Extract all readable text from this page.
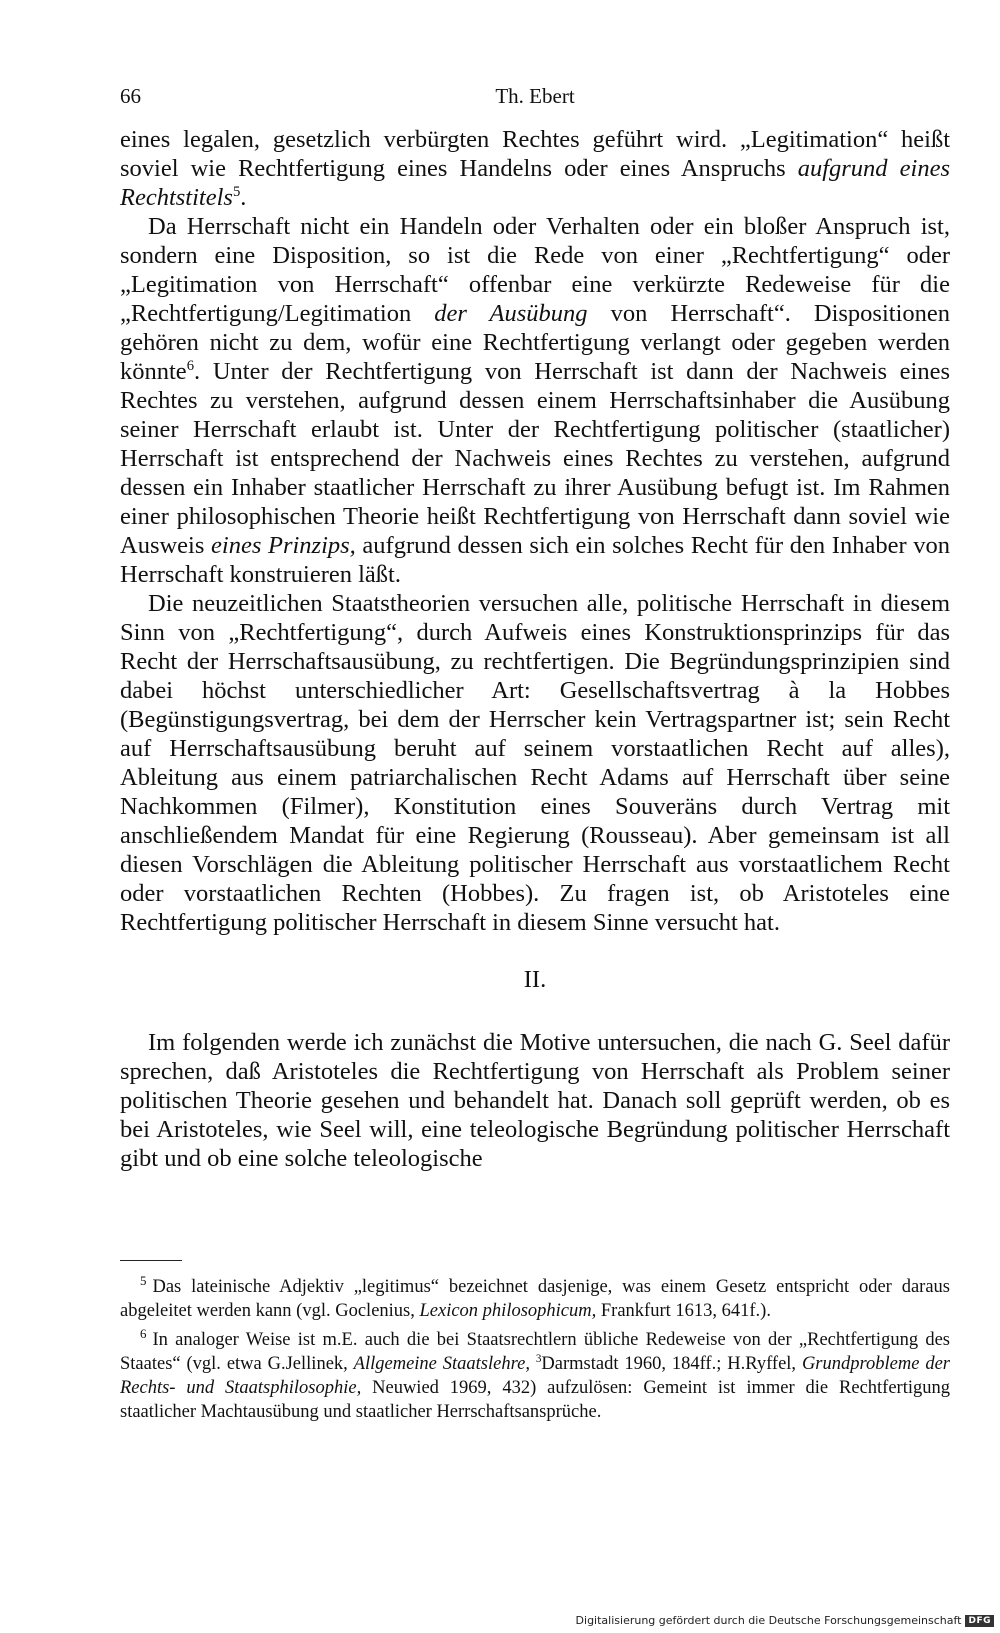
66	Th. Ebert

eines legalen, gesetzlich verbürgten Rechtes geführt wird. „Legitimation“ heißt soviel wie Rechtfertigung eines Handelns oder eines Anspruchs aufgrund eines Rechtstitels$^5$.

Da Herrschaft nicht ein Handeln oder Verhalten oder ein bloßer Anspruch ist, sondern eine Disposition, so ist die Rede von einer „Rechtfertigung“ oder „Legitimation von Herrschaft“ offenbar eine verkürzte Redeweise für die „Rechtfertigung/Legitimation der Ausübung von Herrschaft“. Dispositionen gehören nicht zu dem, wofür eine Rechtfertigung verlangt oder gegeben werden könnte$^6$. Unter der Rechtfertigung von Herrschaft ist dann der Nachweis eines Rechtes zu verstehen, aufgrund dessen einem Herrschaftsinhaber die Ausübung seiner Herrschaft erlaubt ist. Unter der Rechtfertigung politischer (staatlicher) Herrschaft ist entsprechend der Nachweis eines Rechtes zu verstehen, aufgrund dessen ein Inhaber staatlicher Herrschaft zu ihrer Ausübung befugt ist. Im Rahmen einer philosophischen Theorie heißt Rechtfertigung von Herrschaft dann soviel wie Ausweis eines Prinzips, aufgrund dessen sich ein solches Recht für den Inhaber von Herrschaft konstruieren läßt.

Die neuzeitlichen Staatstheorien versuchen alle, politische Herrschaft in diesem Sinn von „Rechtfertigung“, durch Aufweis eines Konstruktionsprinzips für das Recht der Herrschaftsausübung, zu rechtfertigen. Die Begründungsprinzipien sind dabei höchst unterschiedlicher Art: Gesellschaftsvertrag à la Hobbes (Begünstigungsvertrag, bei dem der Herrscher kein Vertragspartner ist; sein Recht auf Herrschaftsausübung beruht auf seinem vorstaatlichen Recht auf alles), Ableitung aus einem patriarchalischen Recht Adams auf Herrschaft über seine Nachkommen (Filmer), Konstitution eines Souveräns durch Vertrag mit anschließendem Mandat für eine Regierung (Rousseau). Aber gemeinsam ist all diesen Vorschlägen die Ableitung politischer Herrschaft aus vorstaatlichem Recht oder vorstaatlichen Rechten (Hobbes). Zu fragen ist, ob Aristoteles eine Rechtfertigung politischer Herrschaft in diesem Sinne versucht hat.

II.

Im folgenden werde ich zunächst die Motive untersuchen, die nach G. Seel dafür sprechen, daß Aristoteles die Rechtfertigung von Herrschaft als Problem seiner politischen Theorie gesehen und behandelt hat. Danach soll geprüft werden, ob es bei Aristoteles, wie Seel will, eine teleologische Begründung politischer Herrschaft gibt und ob eine solche teleologische

$^5$ Das lateinische Adjektiv „legitimus“ bezeichnet dasjenige, was einem Gesetz entspricht oder daraus abgeleitet werden kann (vgl. Goclenius, Lexicon philosophicum, Frankfurt 1613, 641f.).

$^6$ In analoger Weise ist m.E. auch die bei Staatsrechtlern übliche Redeweise von der „Rechtfertigung des Staates“ (vgl. etwa G.Jellinek, Allgemeine Staatslehre, $^3$Darmstadt 1960, 184ff.; H.Ryffel, Grundprobleme der Rechts- und Staatsphilosophie, Neuwied 1969, 432) aufzulösen: Gemeint ist immer die Rechtfertigung staatlicher Machtausübung und staatlicher Herrschaftsansprüche.

Digitalisierung gefördert durch die Deutsche Forschungsgemeinschaft DFG
